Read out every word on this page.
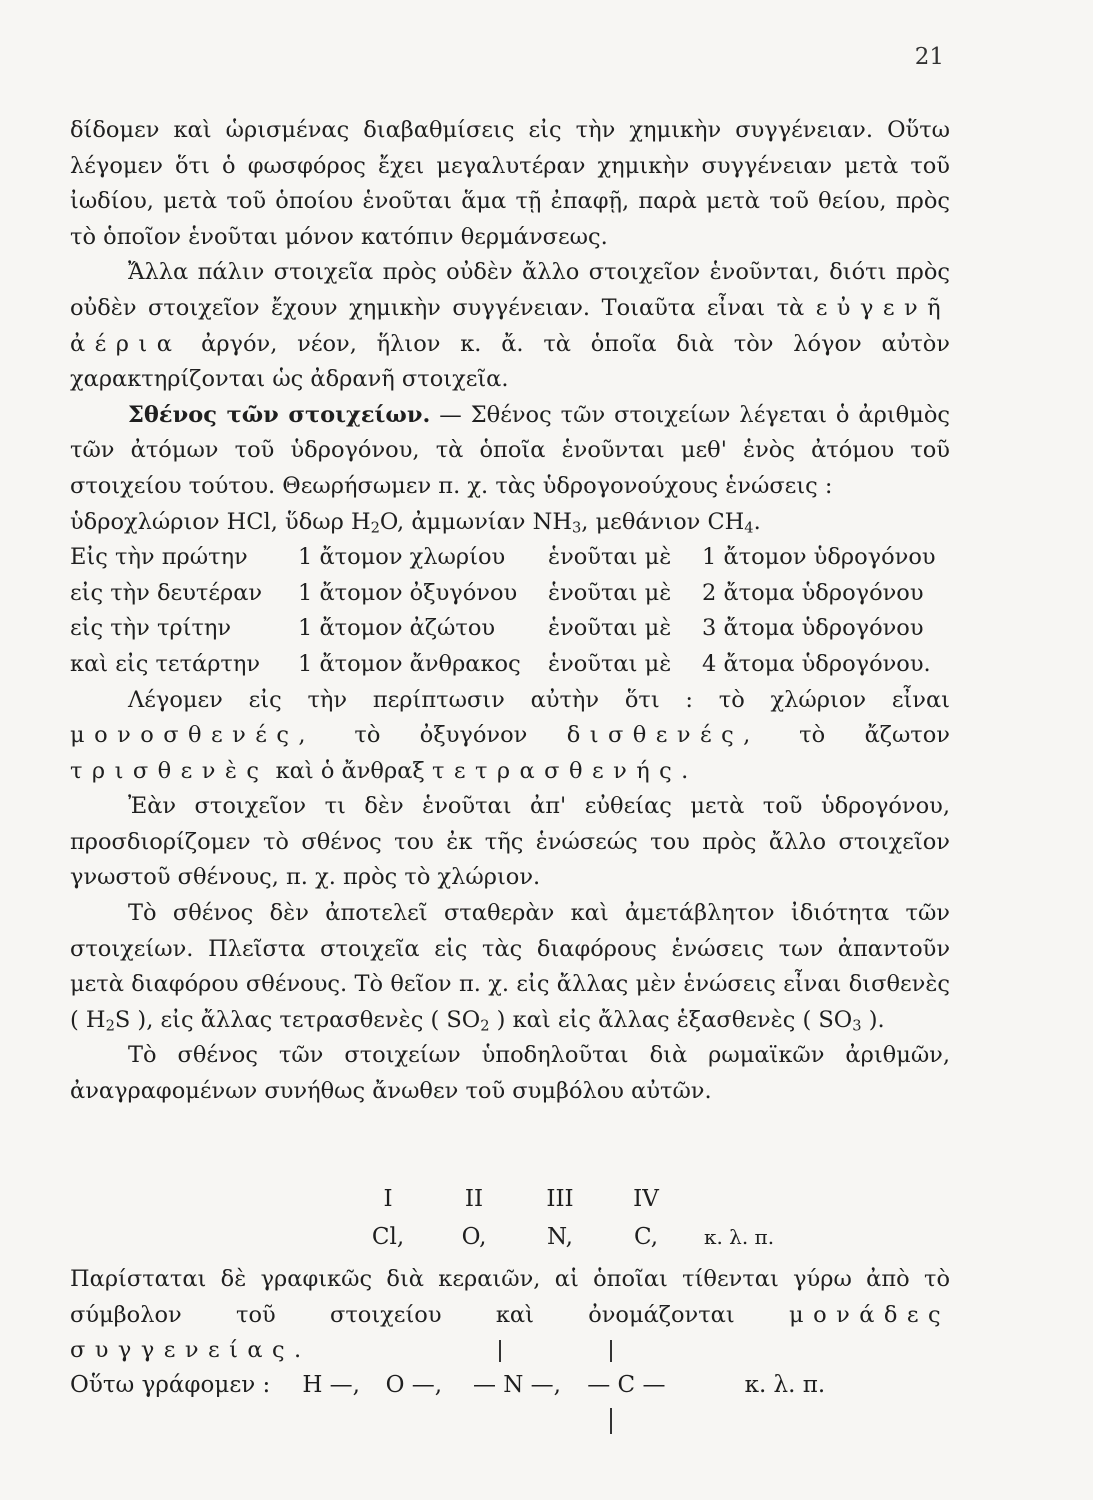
21

δίδομεν καὶ ὡρισμένας διαβαθμίσεις εἰς τὴν χημικὴν συγγένειαν. Οὕτω λέγομεν ὅτι ὁ φωσφόρος ἔχει μεγαλυτέραν χημικὴν συγγένειαν μετὰ τοῦ ἰωδίου, μετὰ τοῦ ὁποίου ἑνοῦται ἅμα τῇ ἐπαφῇ, παρὰ μετὰ τοῦ θείου, πρὸς τὸ ὁποῖον ἑνοῦται μόνον κατόπιν θερμάνσεως.

Ἄλλα πάλιν στοιχεῖα πρὸς οὐδὲν ἄλλο στοιχεῖον ἑνοῦνται, διότι πρὸς οὐδὲν στοιχεῖον ἔχουν χημικὴν συγγένειαν. Τοιαῦτα εἶναι τὰ εὐγενῆ ἀέρια ἀργόν, νέον, ἥλιον κ. ἄ. τὰ ὁποῖα διὰ τὸν λόγον αὐτὸν χαρακτηρίζονται ὡς ἀδρανῆ στοιχεῖα.

Σθένος τῶν στοιχείων. — Σθένος τῶν στοιχείων λέγεται ὁ ἀριθμὸς τῶν ἀτόμων τοῦ ὑδρογόνου, τὰ ὁποῖα ἑνοῦνται μεθ' ἑνὸς ἀτόμου τοῦ στοιχείου τούτου. Θεωρήσωμεν π. χ. τὰς ὑδρογονούχους ἑνώσεις :

ὑδροχλώριον HCl, ὕδωρ $H_2O$, ἀμμωνίαν $NH_3$, μεθάνιον $CH_4$.

Εἰς τὴν πρώτην	1 ἄτομον χλωρίου	ἑνοῦται μὲ	1 ἄτομον ὑδρογόνου
εἰς τὴν δευτέραν	1 ἄτομον ὀξυγόνου	ἑνοῦται μὲ	2 ἄτομα ὑδρογόνου
εἰς τὴν τρίτην	1 ἄτομον ἀζώτου	ἑνοῦται μὲ	3 ἄτομα ὑδρογόνου
καὶ εἰς τετάρτην	1 ἄτομον ἄνθρακος	ἑνοῦται μὲ	4 ἄτομα ὑδρογόνου.

Λέγομεν εἰς τὴν περίπτωσιν αὐτὴν ὅτι : τὸ χλώριον εἶναι μονοσθενές, τὸ ὀξυγόνον δισθενές, τὸ ἄζωτον τρισθενὲς καὶ ὁ ἄνθραξ τετρασθενής.

Ἐὰν στοιχεῖον τι δὲν ἑνοῦται ἀπ' εὐθείας μετὰ τοῦ ὑδρογόνου, προσδιορίζομεν τὸ σθένος του ἐκ τῆς ἑνώσεώς του πρὸς ἄλλο στοιχεῖον γνωστοῦ σθένους, π. χ. πρὸς τὸ χλώριον.

Τὸ σθένος δὲν ἀποτελεῖ σταθερὰν καὶ ἀμετάβλητον ἰδιότητα τῶν στοιχείων. Πλεῖστα στοιχεῖα εἰς τὰς διαφόρους ἑνώσεις των ἀπαντοῦν μετὰ διαφόρου σθένους. Τὸ θεῖον π. χ. εἰς ἄλλας μὲν ἑνώσεις εἶναι δισθενὲς ( $H_2S$ ), εἰς ἄλλας τετρασθενὲς ( $SO_2$ ) καὶ εἰς ἄλλας ἑξασθενὲς ( $SO_3$ ).

Τὸ σθένος τῶν στοιχείων ὑποδηλοῦται διὰ ρωμαϊκῶν ἀριθμῶν, ἀναγραφομένων συνήθως ἄνωθεν τοῦ συμβόλου αὐτῶν.

I	II	III	IV
Cl,	O,	N,	C,	κ. λ. π.

Παρίσταται δὲ γραφικῶς διὰ κεραιῶν, αἱ ὁποῖαι τίθενται γύρω ἀπὸ τὸ σύμβολον τοῦ στοιχείου καὶ ὀνομάζονται μονάδες συγγενείας.

Οὕτω γράφομεν : H —, O —, — N —, — C —	κ. λ. π.
